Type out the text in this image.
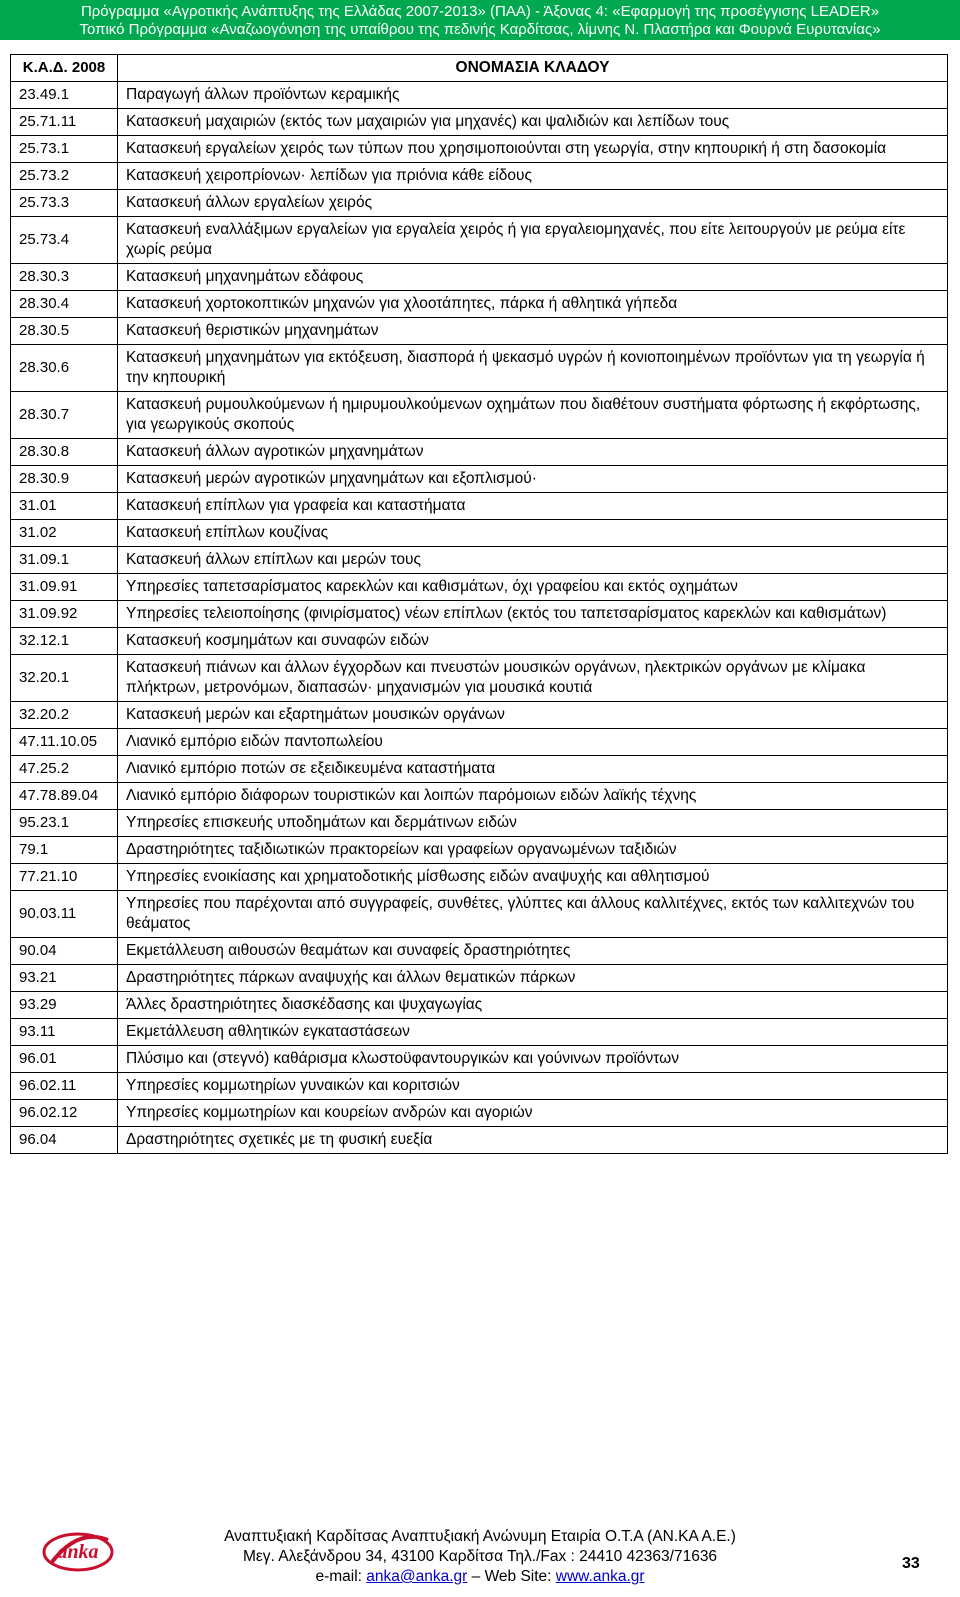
Πρόγραμμα «Αγροτικής Ανάπτυξης της Ελλάδας 2007-2013» (ΠΑΑ) - Άξονας 4: «Εφαρμογή της προσέγγισης LEADER»
Τοπικό Πρόγραμμα «Αναζωογόνηση της υπαίθρου της πεδινής Καρδίτσας, λίμνης Ν. Πλαστήρα και Φουρνά Ευρυτανίας»
Κ.Α.Δ. 2008	ΟΝΟΜΑΣΙΑ ΚΛΑΔΟΥ
23.49.1	Παραγωγή άλλων προϊόντων κεραμικής
25.71.11	Κατασκευή μαχαιριών (εκτός των μαχαιριών για μηχανές) και ψαλιδιών και λεπίδων τους
25.73.1	Κατασκευή εργαλείων χειρός των τύπων που χρησιμοποιούνται στη γεωργία, στην κηπουρική ή στη δασοκομία
25.73.2	Κατασκευή χειροπρίονων· λεπίδων για πριόνια κάθε είδους
25.73.3	Κατασκευή άλλων εργαλείων χειρός
25.73.4	Κατασκευή εναλλάξιμων εργαλείων για εργαλεία χειρός ή για εργαλειομηχανές, που είτε λειτουργούν με ρεύμα είτε χωρίς ρεύμα
28.30.3	Κατασκευή μηχανημάτων εδάφους
28.30.4	Κατασκευή χορτοκοπτικών μηχανών για χλοοτάπητες, πάρκα ή αθλητικά γήπεδα
28.30.5	Κατασκευή θεριστικών μηχανημάτων
28.30.6	Κατασκευή μηχανημάτων για εκτόξευση, διασπορά ή ψεκασμό υγρών ή κονιοποιημένων προϊόντων για τη γεωργία ή την κηπουρική
28.30.7	Κατασκευή ρυμουλκούμενων ή ημιρυμουλκούμενων οχημάτων που διαθέτουν συστήματα φόρτωσης ή εκφόρτωσης, για γεωργικούς σκοπούς
28.30.8	Κατασκευή άλλων αγροτικών μηχανημάτων
28.30.9	Κατασκευή μερών αγροτικών μηχανημάτων και εξοπλισμού·
31.01	Κατασκευή επίπλων για γραφεία και καταστήματα
31.02	Κατασκευή επίπλων κουζίνας
31.09.1	Κατασκευή άλλων επίπλων και μερών τους
31.09.91	Υπηρεσίες ταπετσαρίσματος καρεκλών και καθισμάτων, όχι γραφείου και εκτός οχημάτων
31.09.92	Υπηρεσίες τελειοποίησης (φινιρίσματος) νέων επίπλων (εκτός του ταπετσαρίσματος καρεκλών και καθισμάτων)
32.12.1	Κατασκευή κοσμημάτων και συναφών ειδών
32.20.1	Κατασκευή πιάνων και άλλων έγχορδων και πνευστών μουσικών οργάνων, ηλεκτρικών οργάνων με κλίμακα πλήκτρων, μετρονόμων, διαπασών· μηχανισμών για μουσικά κουτιά
32.20.2	Κατασκευή μερών και εξαρτημάτων μουσικών οργάνων
47.11.10.05	Λιανικό εμπόριο ειδών παντοπωλείου
47.25.2	Λιανικό εμπόριο ποτών σε εξειδικευμένα καταστήματα
47.78.89.04	Λιανικό εμπόριο διάφορων τουριστικών και λοιπών παρόμοιων ειδών λαϊκής τέχνης
95.23.1	Υπηρεσίες επισκευής υποδημάτων και δερμάτινων ειδών
79.1	Δραστηριότητες ταξιδιωτικών πρακτορείων και γραφείων οργανωμένων ταξιδιών
77.21.10	Υπηρεσίες ενοικίασης και χρηματοδοτικής μίσθωσης ειδών αναψυχής και αθλητισμού
90.03.11	Υπηρεσίες που παρέχονται από συγγραφείς, συνθέτες, γλύπτες και άλλους καλλιτέχνες, εκτός των καλλιτεχνών του θεάματος
90.04	Εκμετάλλευση αιθουσών θεαμάτων και συναφείς δραστηριότητες
93.21	Δραστηριότητες πάρκων αναψυχής και άλλων θεματικών πάρκων
93.29	Άλλες δραστηριότητες διασκέδασης και ψυχαγωγίας
93.11	Εκμετάλλευση αθλητικών εγκαταστάσεων
96.01	Πλύσιμο και (στεγνό) καθάρισμα κλωστοϋφαντουργικών και γούνινων προϊόντων
96.02.11	Υπηρεσίες κομμωτηρίων γυναικών και κοριτσιών
96.02.12	Υπηρεσίες κομμωτηρίων και κουρείων ανδρών και αγοριών
96.04	Δραστηριότητες σχετικές με τη φυσική ευεξία
anka
Αναπτυξιακή Καρδίτσας Αναπτυξιακή Ανώνυμη Εταιρία Ο.Τ.Α (ΑΝ.ΚΑ Α.Ε.)
Μεγ. Αλεξάνδρου 34, 43100 Καρδίτσα Τηλ./Fax : 24410 42363/71636
e-mail: anka@anka.gr – Web Site: www.anka.gr
33
